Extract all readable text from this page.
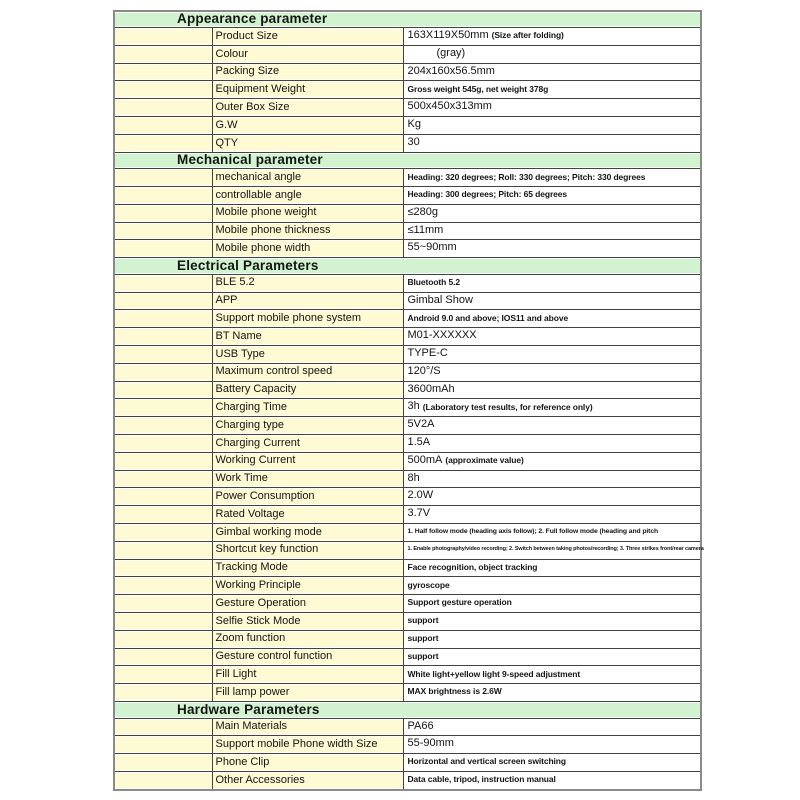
Appearance parameter		
	Product Size	163X119X50mm (Size after folding)
	Colour	(gray)
	Packing Size	204x160x56.5mm
	Equipment Weight	Gross weight 545g, net weight 378g
	Outer Box Size	500x450x313mm
	G.W	Kg
	QTY	30
Mechanical parameter		
	mechanical angle	Heading: 320 degrees; Roll: 330 degrees; Pitch: 330 degrees
	controllable angle	Heading: 300 degrees; Pitch: 65 degrees
	Mobile phone weight	≤280g
	Mobile phone thickness	≤11mm
	Mobile phone width	55~90mm
Electrical Parameters		
	BLE 5.2	Bluetooth 5.2
	APP	Gimbal Show
	Support mobile phone system	Android 9.0 and above; IOS11 and above
	BT Name	M01-XXXXXX
	USB Type	TYPE-C
	Maximum control speed	120°/S
	Battery Capacity	3600mAh
	Charging Time	3h (Laboratory test results, for reference only)
	Charging type	5V2A
	Charging Current	1.5A
	Working Current	500mA (approximate value)
	Work Time	8h
	Power Consumption	2.0W
	Rated Voltage	3.7V
	Gimbal working mode	1. Half follow mode (heading axis follow); 2. Full follow mode (heading and pitch
	Shortcut key function	1. Enable photography/video recording; 2. Switch between taking photos/recording; 3. Three strikes front/rear camera
	Tracking Mode	Face recognition, object tracking
	Working Principle	gyroscope
	Gesture Operation	Support gesture operation
	Selfie Stick Mode	support
	Zoom function	support
	Gesture control function	support
	Fill Light	White light+yellow light 9-speed adjustment
	Fill lamp power	MAX brightness is 2.6W
Hardware Parameters		
	Main Materials	PA66
	Support mobile Phone width Size	55-90mm
	Phone Clip	Horizontal and vertical screen switching
	Other Accessories	Data cable, tripod, instruction manual
